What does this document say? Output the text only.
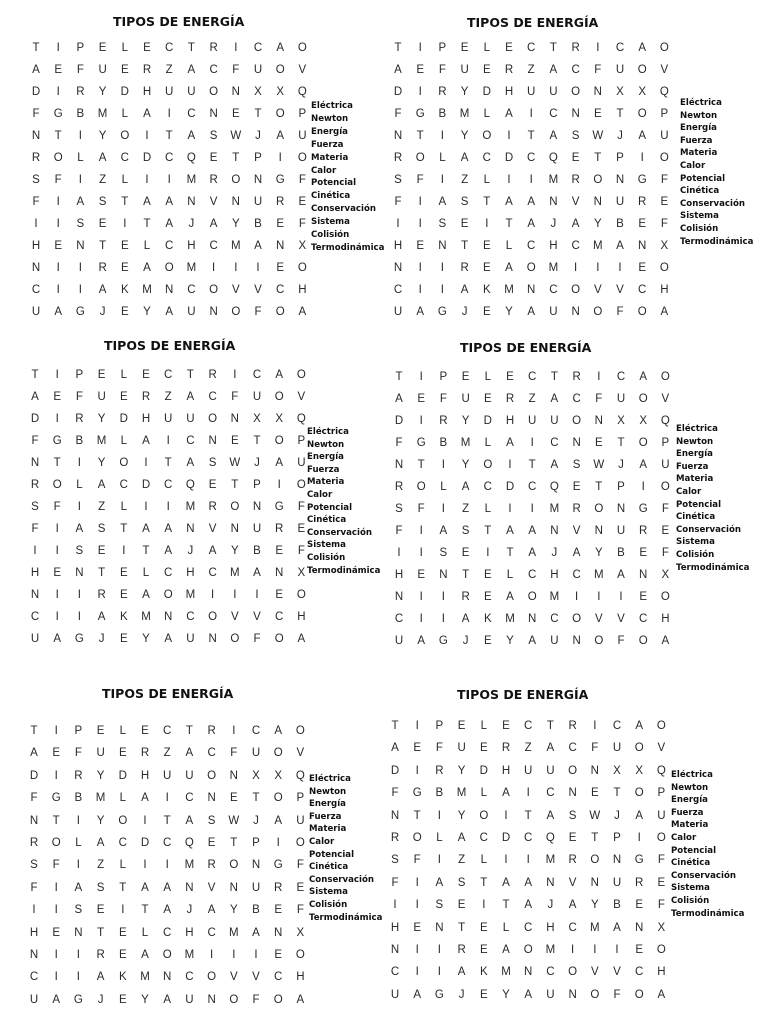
TIPOS DE ENERGÍA
T	I	P	E	L	E	C	T	R	I	C	A	O
A	E	F	U	E	R	Z	A	C	F	U	O	V
D	I	R	Y	D	H	U	U	O	N	X	X	Q
F	G	B	M	L	A	I	C	N	E	T	O	P
N	T	I	Y	O	I	T	A	S	W	J	A	U
R	O	L	A	C	D	C	Q	E	T	P	I	O
S	F	I	Z	L	I	I	M	R	O	N	G	F
F	I	A	S	T	A	A	N	V	N	U	R	E
I	I	S	E	I	T	A	J	A	Y	B	E	F
H	E	N	T	E	L	C	H	C	M	A	N	X
N	I	I	R	E	A	O	M	I	I	I	E	O
C	I	I	A	K	M	N	C	O	V	V	C	H
U	A	G	J	E	Y	A	U	N	O	F	O	A
Eléctrica
Newton
Energía
Fuerza
Materia
Calor
Potencial
Cinética
Conservación
Sistema
Colisión
Termodinámica
TIPOS DE ENERGÍA
T	I	P	E	L	E	C	T	R	I	C	A	O
A	E	F	U	E	R	Z	A	C	F	U	O	V
D	I	R	Y	D	H	U	U	O	N	X	X	Q
F	G	B	M	L	A	I	C	N	E	T	O	P
N	T	I	Y	O	I	T	A	S	W	J	A	U
R	O	L	A	C	D	C	Q	E	T	P	I	O
S	F	I	Z	L	I	I	M	R	O	N	G	F
F	I	A	S	T	A	A	N	V	N	U	R	E
I	I	S	E	I	T	A	J	A	Y	B	E	F
H	E	N	T	E	L	C	H	C	M	A	N	X
N	I	I	R	E	A	O	M	I	I	I	E	O
C	I	I	A	K	M	N	C	O	V	V	C	H
U	A	G	J	E	Y	A	U	N	O	F	O	A
Eléctrica
Newton
Energía
Fuerza
Materia
Calor
Potencial
Cinética
Conservación
Sistema
Colisión
Termodinámica
TIPOS DE ENERGÍA
T	I	P	E	L	E	C	T	R	I	C	A	O
A	E	F	U	E	R	Z	A	C	F	U	O	V
D	I	R	Y	D	H	U	U	O	N	X	X	Q
F	G	B	M	L	A	I	C	N	E	T	O	P
N	T	I	Y	O	I	T	A	S	W	J	A	U
R	O	L	A	C	D	C	Q	E	T	P	I	O
S	F	I	Z	L	I	I	M	R	O	N	G	F
F	I	A	S	T	A	A	N	V	N	U	R	E
I	I	S	E	I	T	A	J	A	Y	B	E	F
H	E	N	T	E	L	C	H	C	M	A	N	X
N	I	I	R	E	A	O	M	I	I	I	E	O
C	I	I	A	K	M	N	C	O	V	V	C	H
U	A	G	J	E	Y	A	U	N	O	F	O	A
Eléctrica
Newton
Energía
Fuerza
Materia
Calor
Potencial
Cinética
Conservación
Sistema
Colisión
Termodinámica
TIPOS DE ENERGÍA
T	I	P	E	L	E	C	T	R	I	C	A	O
A	E	F	U	E	R	Z	A	C	F	U	O	V
D	I	R	Y	D	H	U	U	O	N	X	X	Q
F	G	B	M	L	A	I	C	N	E	T	O	P
N	T	I	Y	O	I	T	A	S	W	J	A	U
R	O	L	A	C	D	C	Q	E	T	P	I	O
S	F	I	Z	L	I	I	M	R	O	N	G	F
F	I	A	S	T	A	A	N	V	N	U	R	E
I	I	S	E	I	T	A	J	A	Y	B	E	F
H	E	N	T	E	L	C	H	C	M	A	N	X
N	I	I	R	E	A	O	M	I	I	I	E	O
C	I	I	A	K	M	N	C	O	V	V	C	H
U	A	G	J	E	Y	A	U	N	O	F	O	A
Eléctrica
Newton
Energía
Fuerza
Materia
Calor
Potencial
Cinética
Conservación
Sistema
Colisión
Termodinámica
TIPOS DE ENERGÍA
T	I	P	E	L	E	C	T	R	I	C	A	O
A	E	F	U	E	R	Z	A	C	F	U	O	V
D	I	R	Y	D	H	U	U	O	N	X	X	Q
F	G	B	M	L	A	I	C	N	E	T	O	P
N	T	I	Y	O	I	T	A	S	W	J	A	U
R	O	L	A	C	D	C	Q	E	T	P	I	O
S	F	I	Z	L	I	I	M	R	O	N	G	F
F	I	A	S	T	A	A	N	V	N	U	R	E
I	I	S	E	I	T	A	J	A	Y	B	E	F
H	E	N	T	E	L	C	H	C	M	A	N	X
N	I	I	R	E	A	O	M	I	I	I	E	O
C	I	I	A	K	M	N	C	O	V	V	C	H
U	A	G	J	E	Y	A	U	N	O	F	O	A
Eléctrica
Newton
Energía
Fuerza
Materia
Calor
Potencial
Cinética
Conservación
Sistema
Colisión
Termodinámica
TIPOS DE ENERGÍA
T	I	P	E	L	E	C	T	R	I	C	A	O
A	E	F	U	E	R	Z	A	C	F	U	O	V
D	I	R	Y	D	H	U	U	O	N	X	X	Q
F	G	B	M	L	A	I	C	N	E	T	O	P
N	T	I	Y	O	I	T	A	S	W	J	A	U
R	O	L	A	C	D	C	Q	E	T	P	I	O
S	F	I	Z	L	I	I	M	R	O	N	G	F
F	I	A	S	T	A	A	N	V	N	U	R	E
I	I	S	E	I	T	A	J	A	Y	B	E	F
H	E	N	T	E	L	C	H	C	M	A	N	X
N	I	I	R	E	A	O	M	I	I	I	E	O
C	I	I	A	K	M	N	C	O	V	V	C	H
U	A	G	J	E	Y	A	U	N	O	F	O	A
Eléctrica
Newton
Energía
Fuerza
Materia
Calor
Potencial
Cinética
Conservación
Sistema
Colisión
Termodinámica
